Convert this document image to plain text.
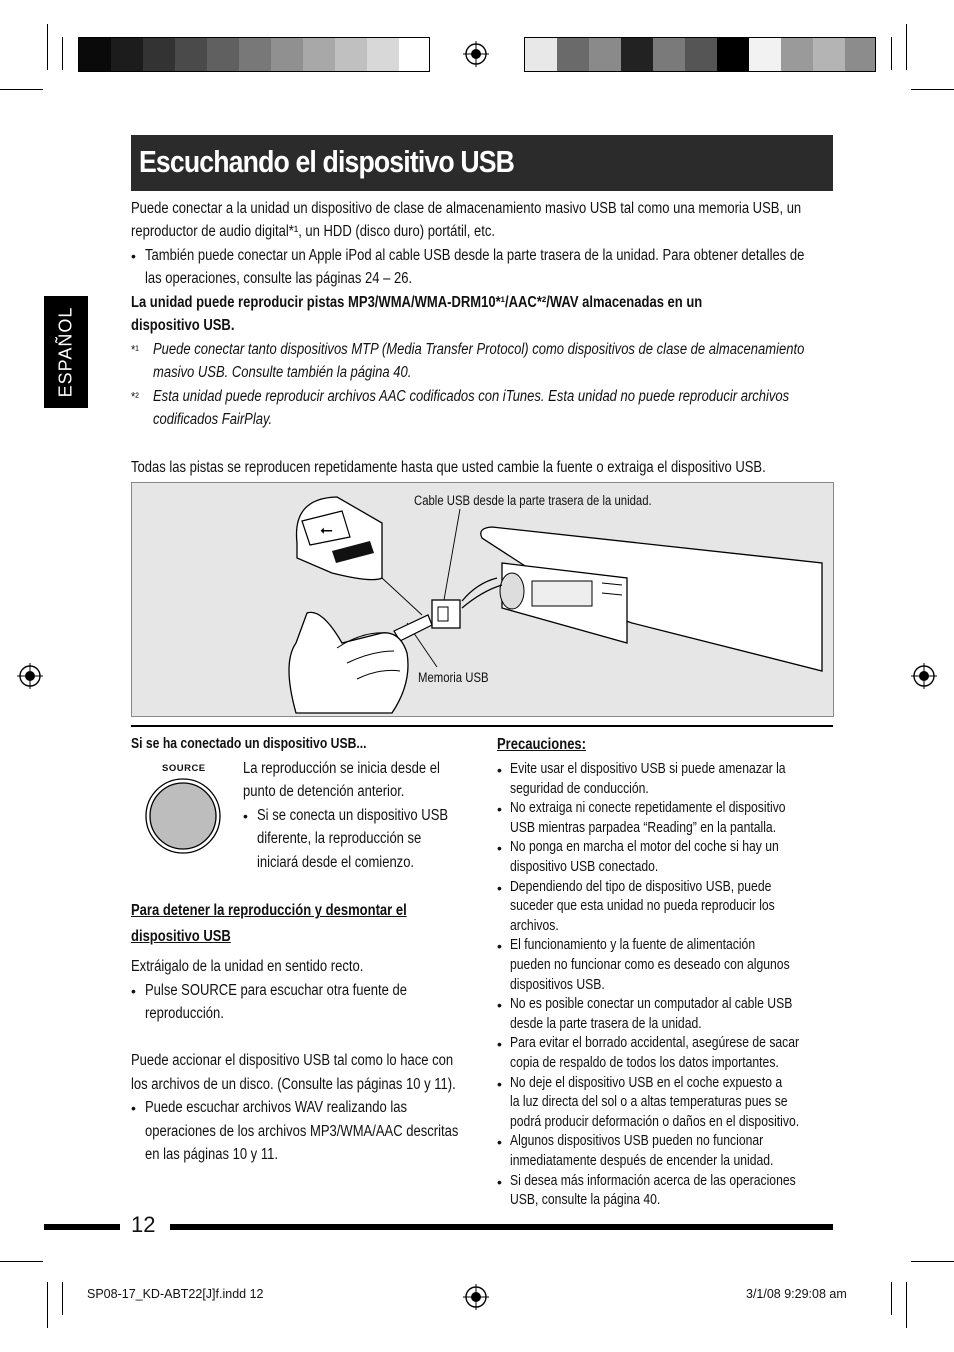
Escuchando el dispositivo USB
ESPAÑOL
Puede conectar a la unidad un dispositivo de clase de almacenamiento masivo USB tal como una memoria USB, un
reproductor de audio digital*¹, un HDD (disco duro) portátil, etc.
• También puede conectar un Apple iPod al cable USB desde la parte trasera de la unidad. Para obtener detalles de
las operaciones, consulte las páginas 24 – 26.
La unidad puede reproducir pistas MP3/WMA/WMA-DRM10*¹/AAC*²/WAV almacenadas en un
dispositivo USB.
*¹ Puede conectar tanto dispositivos MTP (Media Transfer Protocol) como dispositivos de clase de almacenamiento
masivo USB. Consulte también la página 40.
*² Esta unidad puede reproducir archivos AAC codificados con iTunes. Esta unidad no puede reproducir archivos
codificados FairPlay.
Todas las pistas se reproducen repetidamente hasta que usted cambie la fuente o extraiga el dispositivo USB.
⭠
Cable USB desde la parte trasera de la unidad.
Memoria USB
Si se ha conectado un dispositivo USB...
SOURCE La reproducción se inicia desde el
punto de detención anterior.
• Si se conecta un dispositivo USB
diferente, la reproducción se
iniciará desde el comienzo.
Para detener la reproducción y desmontar el
dispositivo USB
Extráigalo de la unidad en sentido recto.
• Pulse SOURCE para escuchar otra fuente de
reproducción.
Puede accionar el dispositivo USB tal como lo hace con
los archivos de un disco. (Consulte las páginas 10 y 11).
• Puede escuchar archivos WAV realizando las
operaciones de los archivos MP3/WMA/AAC descritas
en las páginas 10 y 11.
Precauciones:
• Evite usar el dispositivo USB si puede amenazar la
seguridad de conducción.
• No extraiga ni conecte repetidamente el dispositivo
USB mientras parpadea “Reading” en la pantalla.
• No ponga en marcha el motor del coche si hay un
dispositivo USB conectado.
• Dependiendo del tipo de dispositivo USB, puede
suceder que esta unidad no pueda reproducir los
archivos.
• El funcionamiento y la fuente de alimentación
pueden no funcionar como es deseado con algunos
dispositivos USB.
• No es posible conectar un computador al cable USB
desde la parte trasera de la unidad.
• Para evitar el borrado accidental, asegúrese de sacar
copia de respaldo de todos los datos importantes.
• No deje el dispositivo USB en el coche expuesto a
la luz directa del sol o a altas temperaturas pues se
podrá producir deformación o daños en el dispositivo.
• Algunos dispositivos USB pueden no funcionar
inmediatamente después de encender la unidad.
• Si desea más información acerca de las operaciones
USB, consulte la página 40.
12
SP08-17_KD-ABT22[J]f.indd 12	3/1/08 9:29:08 am
